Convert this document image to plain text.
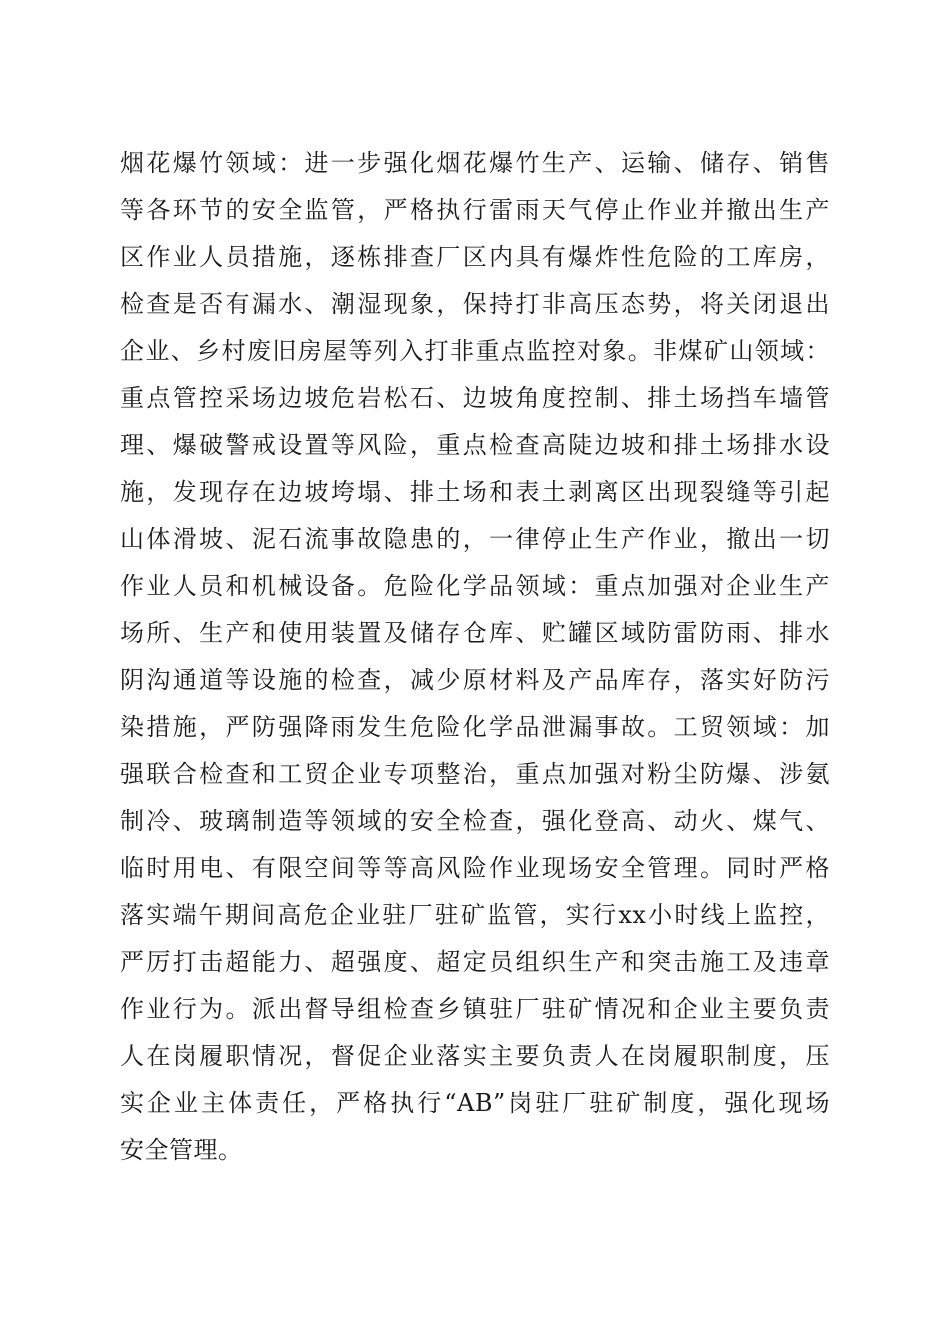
烟花爆竹领域：进一步强化烟花爆竹生产、运输、储存、销售
等各环节的安全监管，严格执行雷雨天气停止作业并撤出生产
区作业人员措施，逐栋排查厂区内具有爆炸性危险的工库房，
检查是否有漏水、潮湿现象，保持打非高压态势，将关闭退出
企业、乡村废旧房屋等列入打非重点监控对象。非煤矿山领域：
重点管控采场边坡危岩松石、边坡角度控制、排土场挡车墙管
理、爆破警戒设置等风险，重点检查高陡边坡和排土场排水设
施，发现存在边坡垮塌、排土场和表土剥离区出现裂缝等引起
山体滑坡、泥石流事故隐患的，一律停止生产作业，撤出一切
作业人员和机械设备。危险化学品领域：重点加强对企业生产
场所、生产和使用装置及储存仓库、贮罐区域防雷防雨、排水
阴沟通道等设施的检查，减少原材料及产品库存，落实好防污
染措施，严防强降雨发生危险化学品泄漏事故。工贸领域：加
强联合检查和工贸企业专项整治，重点加强对粉尘防爆、涉氨
制冷、玻璃制造等领域的安全检查，强化登高、动火、煤气、
临时用电、有限空间等等高风险作业现场安全管理。同时严格
落实端午期间高危企业驻厂驻矿监管，实行xx小时线上监控，
严厉打击超能力、超强度、超定员组织生产和突击施工及违章
作业行为。派出督导组检查乡镇驻厂驻矿情况和企业主要负责
人在岗履职情况，督促企业落实主要负责人在岗履职制度，压
实企业主体责任，严格执行“AB”岗驻厂驻矿制度，强化现场
安全管理。
